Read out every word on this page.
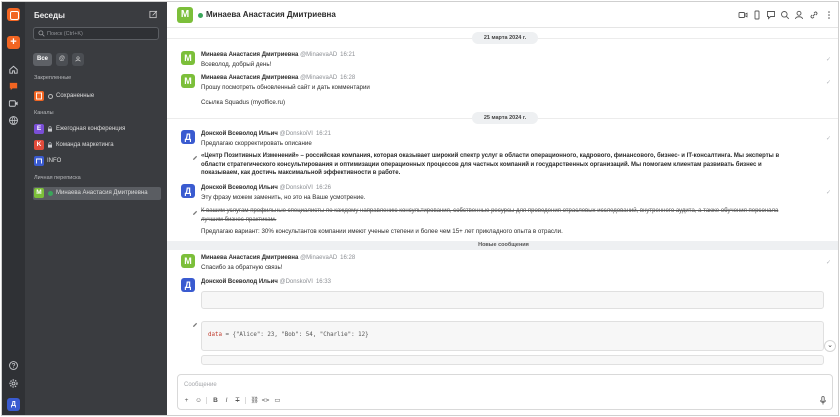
+
Д
Беседы
Поиск (Ctrl+K)
Все	@
Закрепленные
Сохраненные
Каналы
E	Ежегодная конференция
K	Команда маркетинга
INFO
Личная переписка
M	Минаева Анастасия Дмитриевна
M	Минаева Анастасия Дмитриевна
21 марта 2024 г.
M	Минаева Анастасия Дмитриевна @MinaevaAD 16:21
Всеволод, добрый день!
✓
M	Минаева Анастасия Дмитриевна @MinaevaAD 16:28
Прошу посмотреть обновленный сайт и дать комментарии
Ссылка Squadus (myoffice.ru)
✓
25 марта 2024 г.
Д	Донской Всеволод Ильич @DonskoiVI 16:21
Предлагаю скорректировать описание
«Центр Позитивных Изменений» – российская компания, которая оказывает широкий спектр услуг в области операционного, кадрового, финансового, бизнес- и IT-консалтинга. Мы эксперты в области стратегического консультирования и оптимизации операционных процессов для частных компаний и государственных организаций. Мы помогаем клиентам развивать бизнес и показываем, как достичь максимальной эффективности в работе.
✓
Д	Донской Всеволод Ильич @DonskoiVI 16:26
Эту фразу можем заменить, но это на Ваше усмотрение.
К вашим услугам профильные специалисты по каждому направлению консультирования, собственные ресурсы для проведения отраслевых исследований, внутреннего аудита, а также обучения персонала лучшим бизнес-практикам.
Предлагаю вариант: 30% консультантов компании имеют ученые степени и более чем 15+ лет прикладного опыта в отрасли.
✓
Новые сообщения
M	Минаева Анастасия Дмитриевна @MinaevaAD 16:28
Спасибо за обратную связь!
✓
Д	Донской Всеволод Ильич @DonskoiVI 16:33
data = {"Alice": 23, "Bob": 54, "Charlie": 12}
⌄
Сообщение
+	☺	B	I	T	⛓ <> ▭
